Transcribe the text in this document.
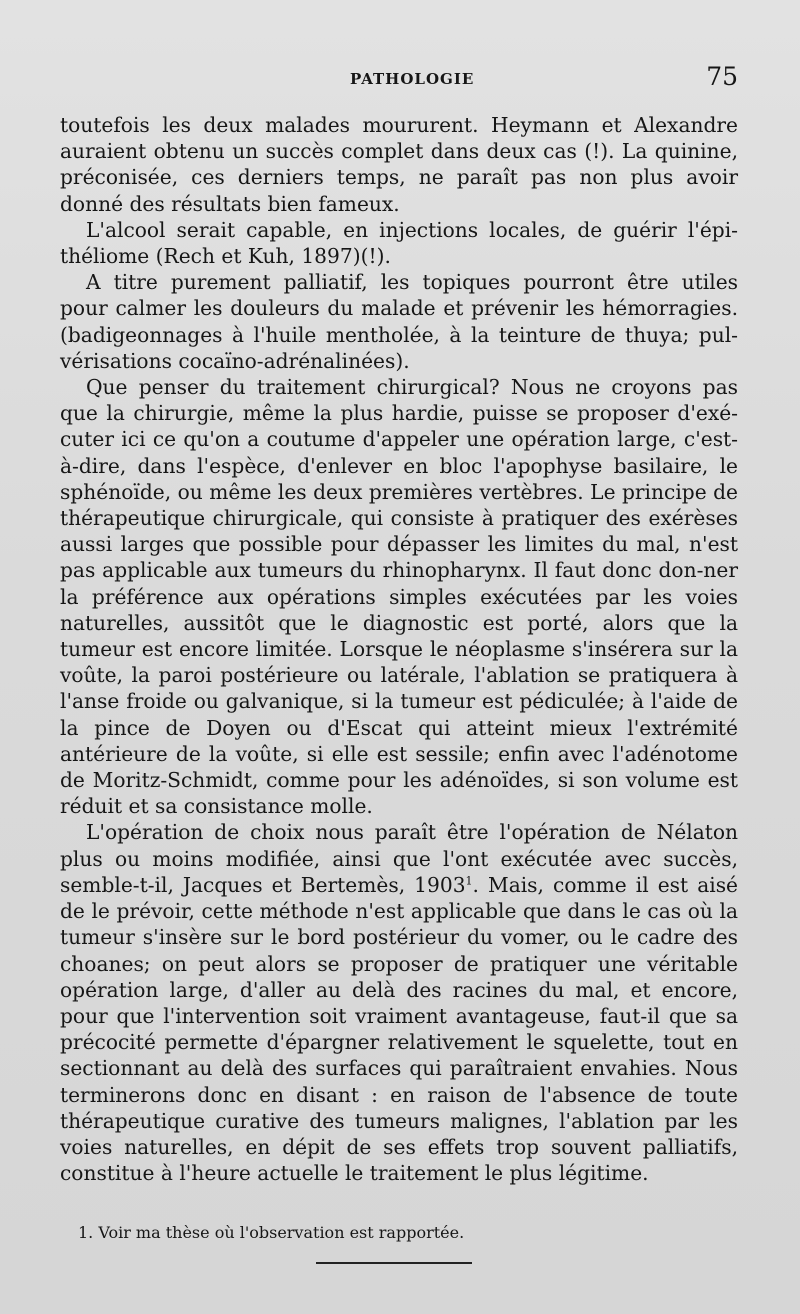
PATHOLOGIE	75

toutefois les deux malades moururent. Heymann et Alexandre auraient obtenu un succès complet dans deux cas (!). La quinine, préconisée, ces derniers temps, ne paraît pas non plus avoir donné des résultats bien fameux.

L'alcool serait capable, en injections locales, de guérir l'épi-théliome (Rech et Kuh, 1897)(!).

A titre purement palliatif, les topiques pourront être utiles pour calmer les douleurs du malade et prévenir les hémorragies. (badigeonnages à l'huile mentholée, à la teinture de thuya; pul-vérisations cocaïno-adrénalinées).

Que penser du traitement chirurgical? Nous ne croyons pas que la chirurgie, même la plus hardie, puisse se proposer d'exé-cuter ici ce qu'on a coutume d'appeler une opération large, c'est-à-dire, dans l'espèce, d'enlever en bloc l'apophyse basilaire, le sphénoïde, ou même les deux premières vertèbres. Le principe de thérapeutique chirurgicale, qui consiste à pratiquer des exérèses aussi larges que possible pour dépasser les limites du mal, n'est pas applicable aux tumeurs du rhinopharynx. Il faut donc don-ner la préférence aux opérations simples exécutées par les voies naturelles, aussitôt que le diagnostic est porté, alors que la tumeur est encore limitée. Lorsque le néoplasme s'insérera sur la voûte, la paroi postérieure ou latérale, l'ablation se pratiquera à l'anse froide ou galvanique, si la tumeur est pédiculée; à l'aide de la pince de Doyen ou d'Escat qui atteint mieux l'extrémité antérieure de la voûte, si elle est sessile; enfin avec l'adénotome de Moritz-Schmidt, comme pour les adénoïdes, si son volume est réduit et sa consistance molle.

L'opération de choix nous paraît être l'opération de Nélaton plus ou moins modifiée, ainsi que l'ont exécutée avec succès, semble-t-il, Jacques et Bertemès, 1903$^1$. Mais, comme il est aisé de le prévoir, cette méthode n'est applicable que dans le cas où la tumeur s'insère sur le bord postérieur du vomer, ou le cadre des choanes; on peut alors se proposer de pratiquer une véritable opération large, d'aller au delà des racines du mal, et encore, pour que l'intervention soit vraiment avantageuse, faut-il que sa précocité permette d'épargner relativement le squelette, tout en sectionnant au delà des surfaces qui paraîtraient envahies. Nous terminerons donc en disant : en raison de l'absence de toute thérapeutique curative des tumeurs malignes, l'ablation par les voies naturelles, en dépit de ses effets trop souvent palliatifs, constitue à l'heure actuelle le traitement le plus légitime.

1. Voir ma thèse où l'observation est rapportée.
